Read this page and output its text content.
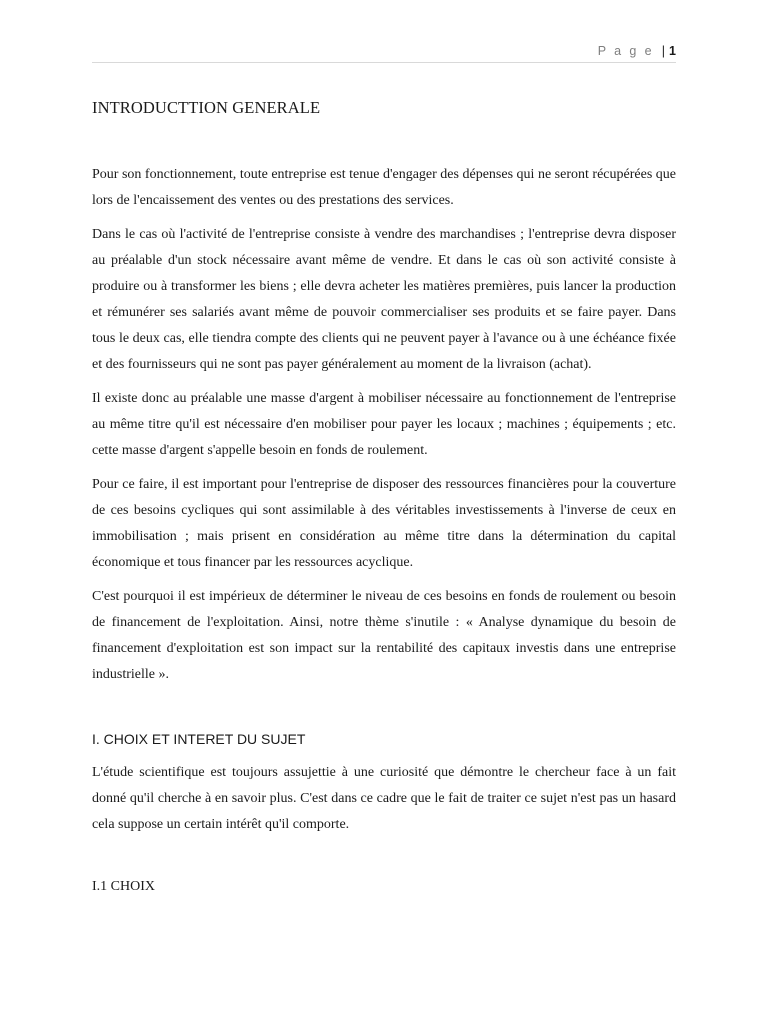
P a g e | 1
INTRODUCTTION GENERALE

Pour son fonctionnement, toute entreprise est tenue d'engager des dépenses qui ne seront récupérées que lors de l'encaissement des ventes ou des prestations des services.

Dans le cas où l'activité de l'entreprise consiste à vendre des marchandises ; l'entreprise devra disposer au préalable d'un stock nécessaire avant même de vendre. Et dans le cas où son activité consiste à produire ou à transformer les biens ; elle devra acheter les matières premières, puis lancer la production et rémunérer ses salariés avant même de pouvoir commercialiser ses produits et se faire payer. Dans tous le deux cas, elle tiendra compte des clients qui ne peuvent payer à l'avance ou à une échéance fixée et des fournisseurs qui ne sont pas payer généralement au moment de la livraison (achat).

Il existe donc au préalable une masse d'argent à mobiliser nécessaire au fonctionnement de l'entreprise au même titre qu'il est nécessaire d'en mobiliser pour payer les locaux ; machines ; équipements ; etc. cette masse d'argent s'appelle besoin en fonds de roulement.

Pour ce faire, il est important pour l'entreprise de disposer des ressources financières pour la couverture de ces besoins cycliques qui sont assimilable à des véritables investissements à l'inverse de ceux en immobilisation ; mais prisent en considération au même titre dans la détermination du capital économique et tous financer par les ressources acyclique.

C'est pourquoi il est impérieux de déterminer le niveau de ces besoins en fonds de roulement ou besoin de financement de l'exploitation. Ainsi, notre thème s'inutile : « Analyse dynamique du besoin de financement d'exploitation est son impact sur la rentabilité des capitaux investis dans une entreprise industrielle ».

I. CHOIX ET INTERET DU SUJET

L'étude scientifique est toujours assujettie à une curiosité que démontre le chercheur face à un fait donné qu'il cherche à en savoir plus. C'est dans ce cadre que le fait de traiter ce sujet n'est pas un hasard cela suppose un certain intérêt qu'il comporte.

I.1 CHOIX
